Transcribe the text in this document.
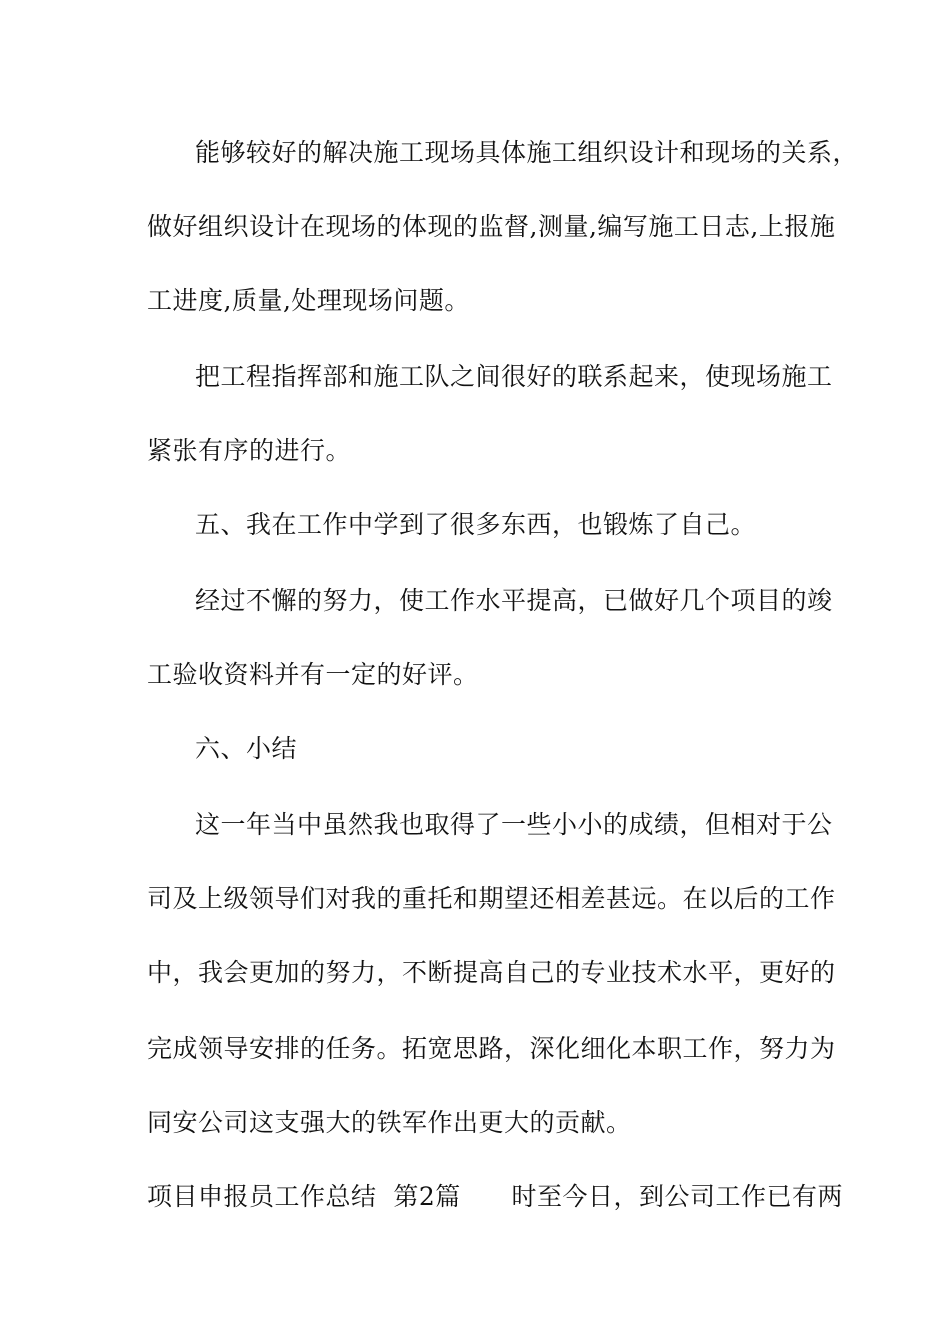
能够较好的解决施工现场具体施工组织设计和现场的关系，
做好组织设计在现场的体现的监督,测量,编写施工日志,上报施
工进度,质量,处理现场问题。
把工程指挥部和施工队之间很好的联系起来，使现场施工
紧张有序的进行。
五、我在工作中学到了很多东西，也锻炼了自己。
经过不懈的努力，使工作水平提高，已做好几个项目的竣
工验收资料并有一定的好评。
六、小结
这一年当中虽然我也取得了一些小小的成绩，但相对于公
司及上级领导们对我的重托和期望还相差甚远。在以后的工作
中，我会更加的努力，不断提高自己的专业技术水平，更好的
完成领导安排的任务。拓宽思路，深化细化本职工作，努力为
同安公司这支强大的铁军作出更大的贡献。
项目申报员工作总结  第2篇      时至今日，到公司工作已有两
